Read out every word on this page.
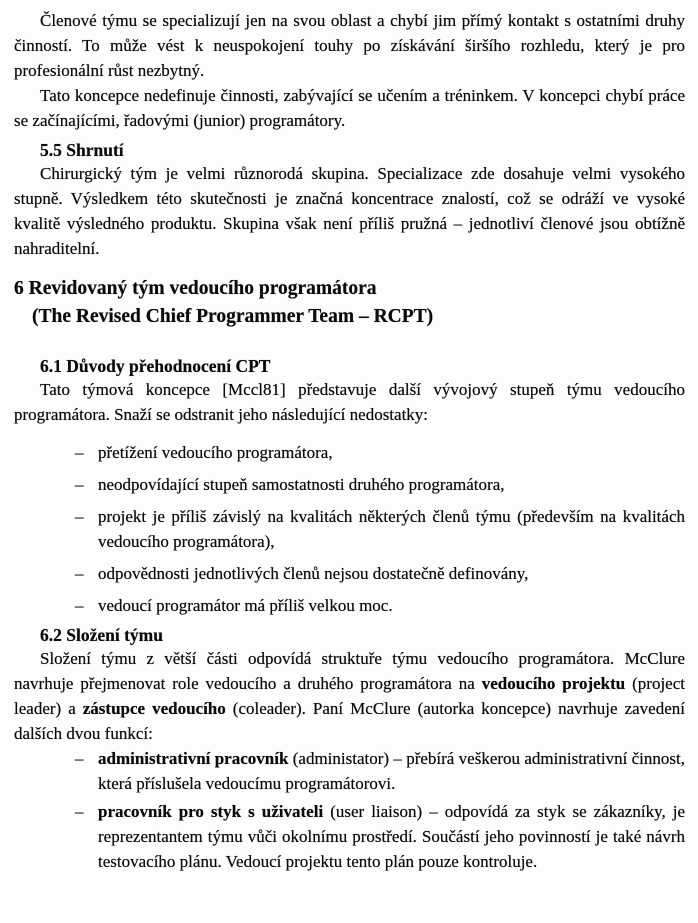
Členové týmu se specializují jen na svou oblast a chybí jim přímý kontakt s ostatními druhy činností. To může vést k neuspokojení touhy po získávání širšího rozhledu, který je pro profesionální růst nezbytný.

Tato koncepce nedefinuje činnosti, zabývající se učením a tréninkem. V koncepci chybí práce se začínajícími, řadovými (junior) programátory.

5.5 Shrnutí

Chirurgický tým je velmi různorodá skupina. Specializace zde dosahuje velmi vysokého stupně. Výsledkem této skutečnosti je značná koncentrace znalostí, což se odráží ve vysoké kvalitě výsledného produktu. Skupina však není příliš pružná – jednotliví členové jsou obtížně nahraditelní.

6 Revidovaný tým vedoucího programátora
(The Revised Chief Programmer Team – RCPT)
6.1 Důvody přehodnocení CPT

Tato týmová koncepce [Mccl81] představuje další vývojový stupeň týmu vedoucího programátora. Snaží se odstranit jeho následující nedostatky:

– přetížení vedoucího programátora,
– neodpovídající stupeň samostatnosti druhého programátora,
– projekt je příliš závislý na kvalitách některých členů týmu (především na kvalitách vedoucího programátora),
– odpovědnosti jednotlivých členů nejsou dostatečně definovány,
– vedoucí programátor má příliš velkou moc.
6.2 Složení týmu

Složení týmu z větší části odpovídá struktuře týmu vedoucího programátora. McClure navrhuje přejmenovat role vedoucího a druhého programátora na vedoucího projektu (project leader) a zástupce vedoucího (coleader). Paní McClure (autorka koncepce) navrhuje zavedení dalších dvou funkcí:

– administrativní pracovník (administator) – přebírá veškerou administrativní činnost, která příslušela vedoucímu programátorovi.
– pracovník pro styk s uživateli (user liaison) – odpovídá za styk se zákazníky, je reprezentantem týmu vůči okolnímu prostředí. Součástí jeho povinností je také návrh testovacího plánu. Vedoucí projektu tento plán pouze kontroluje.
